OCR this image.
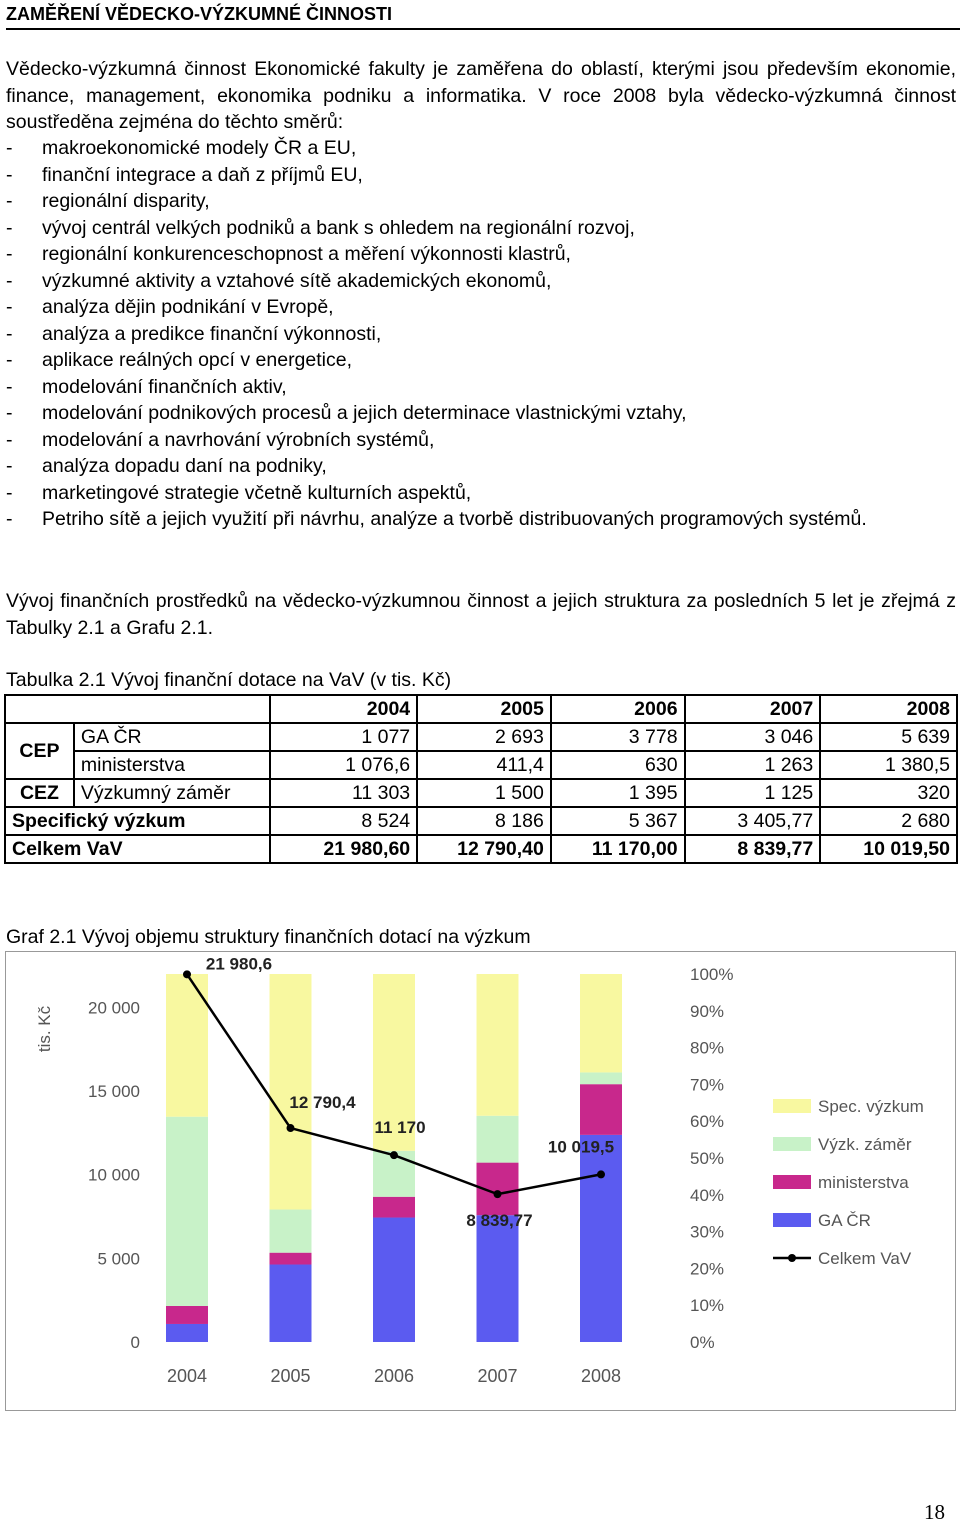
ZAMĚŘENÍ VĚDECKO-VÝZKUMNÉ ČINNOSTI

Vědecko-výzkumná činnost Ekonomické fakulty je zaměřena do oblastí, kterými jsou především ekonomie, finance, management, ekonomika podniku a informatika. V roce 2008 byla vědecko-výzkumná činnost soustředěna zejména do těchto směrů:

- makroekonomické modely ČR a EU,
- finanční integrace a daň z příjmů EU,
- regionální disparity,
- vývoj centrál velkých podniků a bank s ohledem na regionální rozvoj,
- regionální konkurenceschopnost a měření výkonnosti klastrů,
- výzkumné aktivity a vztahové sítě akademických ekonomů,
- analýza dějin podnikání v Evropě,
- analýza a predikce finanční výkonnosti,
- aplikace reálných opcí v energetice,
- modelování finančních aktiv,
- modelování podnikových procesů a jejich determinace vlastnickými vztahy,
- modelování a navrhování výrobních systémů,
- analýza dopadu daní na podniky,
- marketingové strategie včetně kulturních aspektů,
- Petriho sítě a jejich využití při návrhu, analýze a tvorbě distribuovaných programových systémů.

Vývoj finančních prostředků na vědecko-výzkumnou činnost a jejich struktura za posledních 5 let je zřejmá z Tabulky 2.1 a Grafu 2.1.

Tabulka 2.1 Vývoj finanční dotace na VaV (v tis. Kč)
		2004	2005	2006	2007	2008
CEP	GA ČR	1 077	2 693	3 778	3 046	5 639
	ministerstva	1 076,6	411,4	630	1 263	1 380,5
CEZ	Výzkumný záměr	11 303	1 500	1 395	1 125	320
Specifický výzkum		8 524	8 186	5 367	3 405,77	2 680
Celkem VaV		21 980,60	12 790,40	11 170,00	8 839,77	10 019,50
Graf 2.1 Vývoj objemu struktury finančních dotací na výzkum
tis. Kč
0
5 000
10 000
15 000
20 000
0%
10%
20%
30%
40%
50%
60%
70%
80%
90%
100%
2004	2005	2006	2007	2008
21 980,6
12 790,4
11 170
8 839,77
10 019,5
Spec. výzkum
Výzk. záměr
ministerstva
GA ČR
Celkem VaV
18
